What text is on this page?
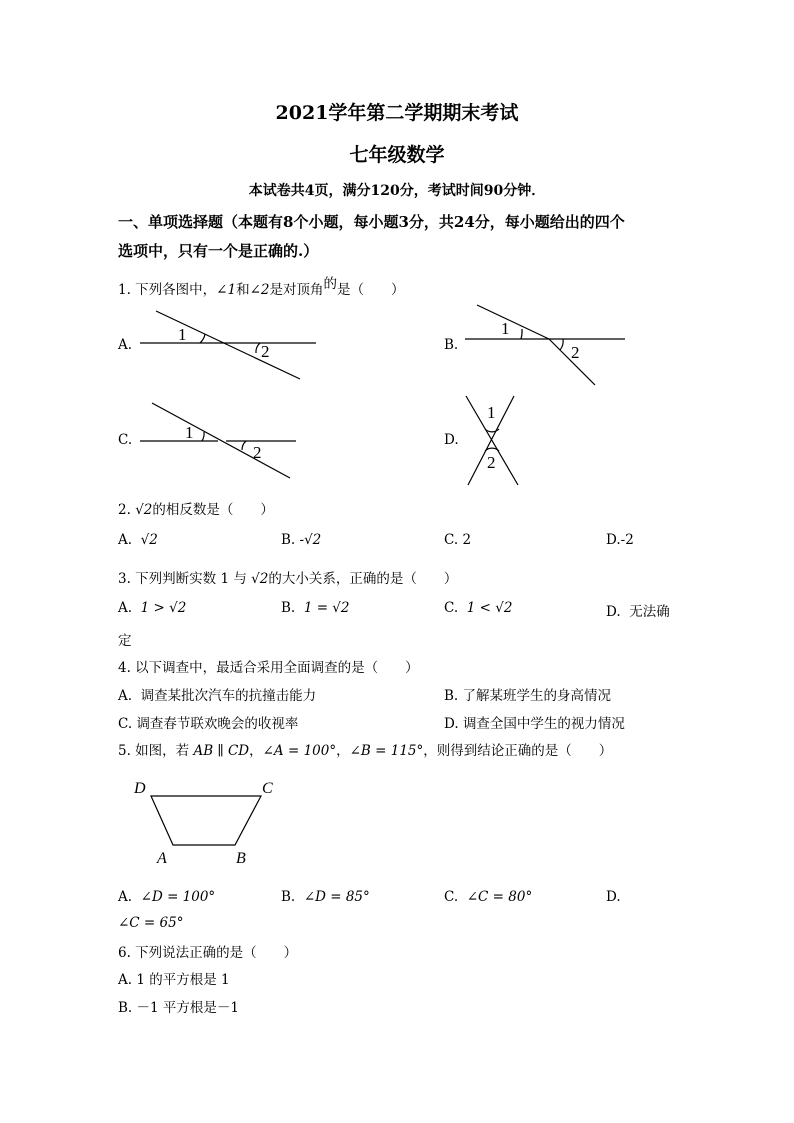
2021学年第二学期期末考试
七年级数学
本试卷共4页，满分120分，考试时间90分钟．
一、单项选择题（本题有8个小题，每小题3分，共24分，每小题给出的四个
选项中，只有一个是正确的.）
1. 下列各图中，∠1和∠2是对顶角的是（　　）
A.
1
2	B.
1
2
C.	1
2
D.
1
2
2. √2的相反数是（　　）
A. √2	B. -√2	C. 2	D.-2
3. 下列判断实数 1 与 √2的大小关系，正确的是（　　）
A. 1 > √2	B. 1 = √2	C. 1 < √2	D. 无法确
定
4. 以下调查中，最适合采用全面调查的是（　　）
A. 调查某批次汽车的抗撞击能力	B. 了解某班学生的身高情况
C. 调查春节联欢晚会的收视率	D. 调查全国中学生的视力情况
5. 如图，若 AB ∥ CD，∠A = 100°，∠B = 115°，则得到结论正确的是（　　）
D	C
A	B
A. ∠D = 100°	B. ∠D = 85°	C. ∠C = 80°	D.
∠C = 65°
6. 下列说法正确的是（　　）
A. 1 的平方根是 1
B. －1 平方根是－1
